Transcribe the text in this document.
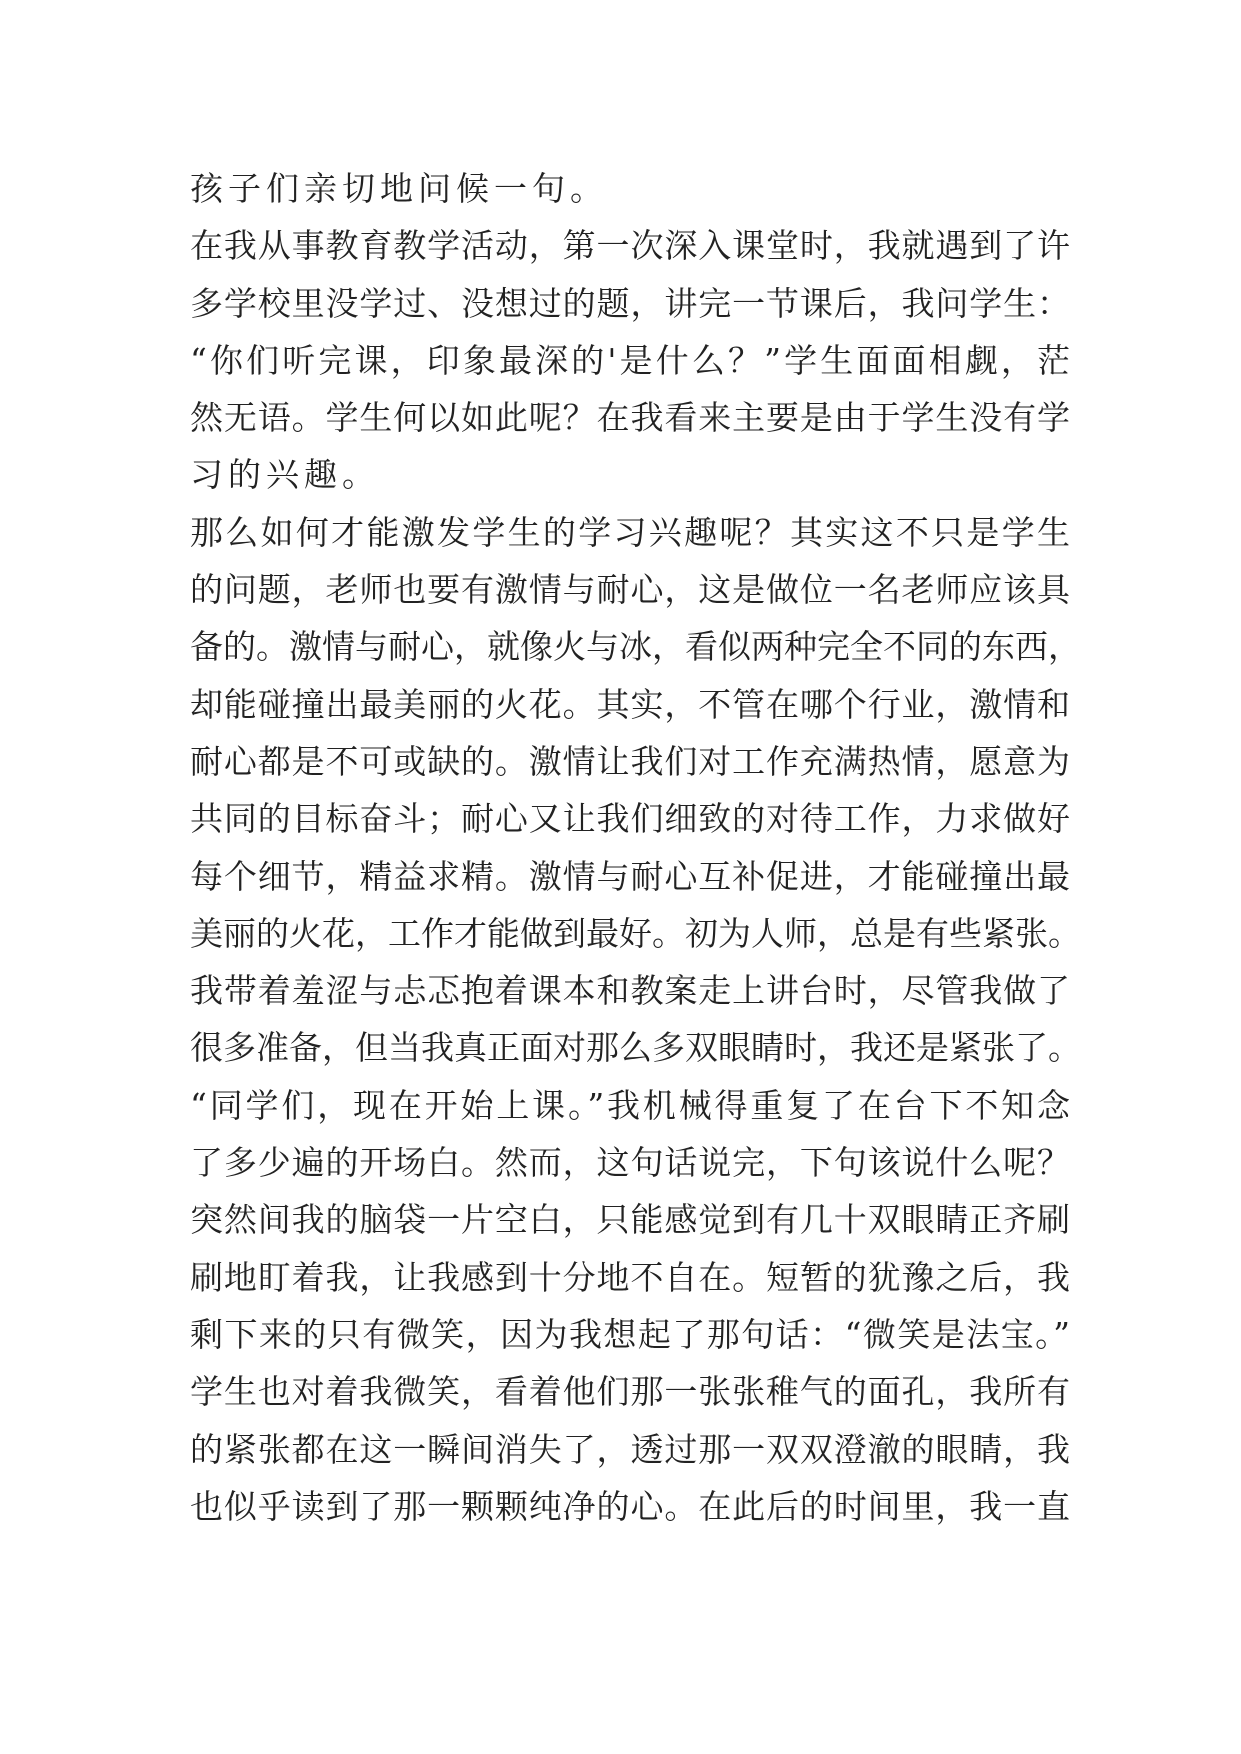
孩子们亲切地问候一句。
在我从事教育教学活动，第一次深入课堂时，我就遇到了许
多学校里没学过、没想过的题，讲完一节课后，我问学生：
“你们听完课，印象最深的'是什么？”学生面面相觑，茫
然无语。学生何以如此呢？在我看来主要是由于学生没有学
习的兴趣。
那么如何才能激发学生的学习兴趣呢？其实这不只是学生
的问题，老师也要有激情与耐心，这是做位一名老师应该具
备的。激情与耐心，就像火与冰，看似两种完全不同的东西，
却能碰撞出最美丽的火花。其实，不管在哪个行业，激情和
耐心都是不可或缺的。激情让我们对工作充满热情，愿意为
共同的目标奋斗；耐心又让我们细致的对待工作，力求做好
每个细节，精益求精。激情与耐心互补促进，才能碰撞出最
美丽的火花，工作才能做到最好。初为人师，总是有些紧张。
我带着羞涩与忐忑抱着课本和教案走上讲台时，尽管我做了
很多准备，但当我真正面对那么多双眼睛时，我还是紧张了。
“同学们，现在开始上课。”我机械得重复了在台下不知念
了多少遍的开场白。然而，这句话说完，下句该说什么呢？
突然间我的脑袋一片空白，只能感觉到有几十双眼睛正齐刷
刷地盯着我，让我感到十分地不自在。短暂的犹豫之后，我
剩下来的只有微笑，因为我想起了那句话：“微笑是法宝。”
学生也对着我微笑，看着他们那一张张稚气的面孔，我所有
的紧张都在这一瞬间消失了，透过那一双双澄澈的眼睛，我
也似乎读到了那一颗颗纯净的心。在此后的时间里，我一直
